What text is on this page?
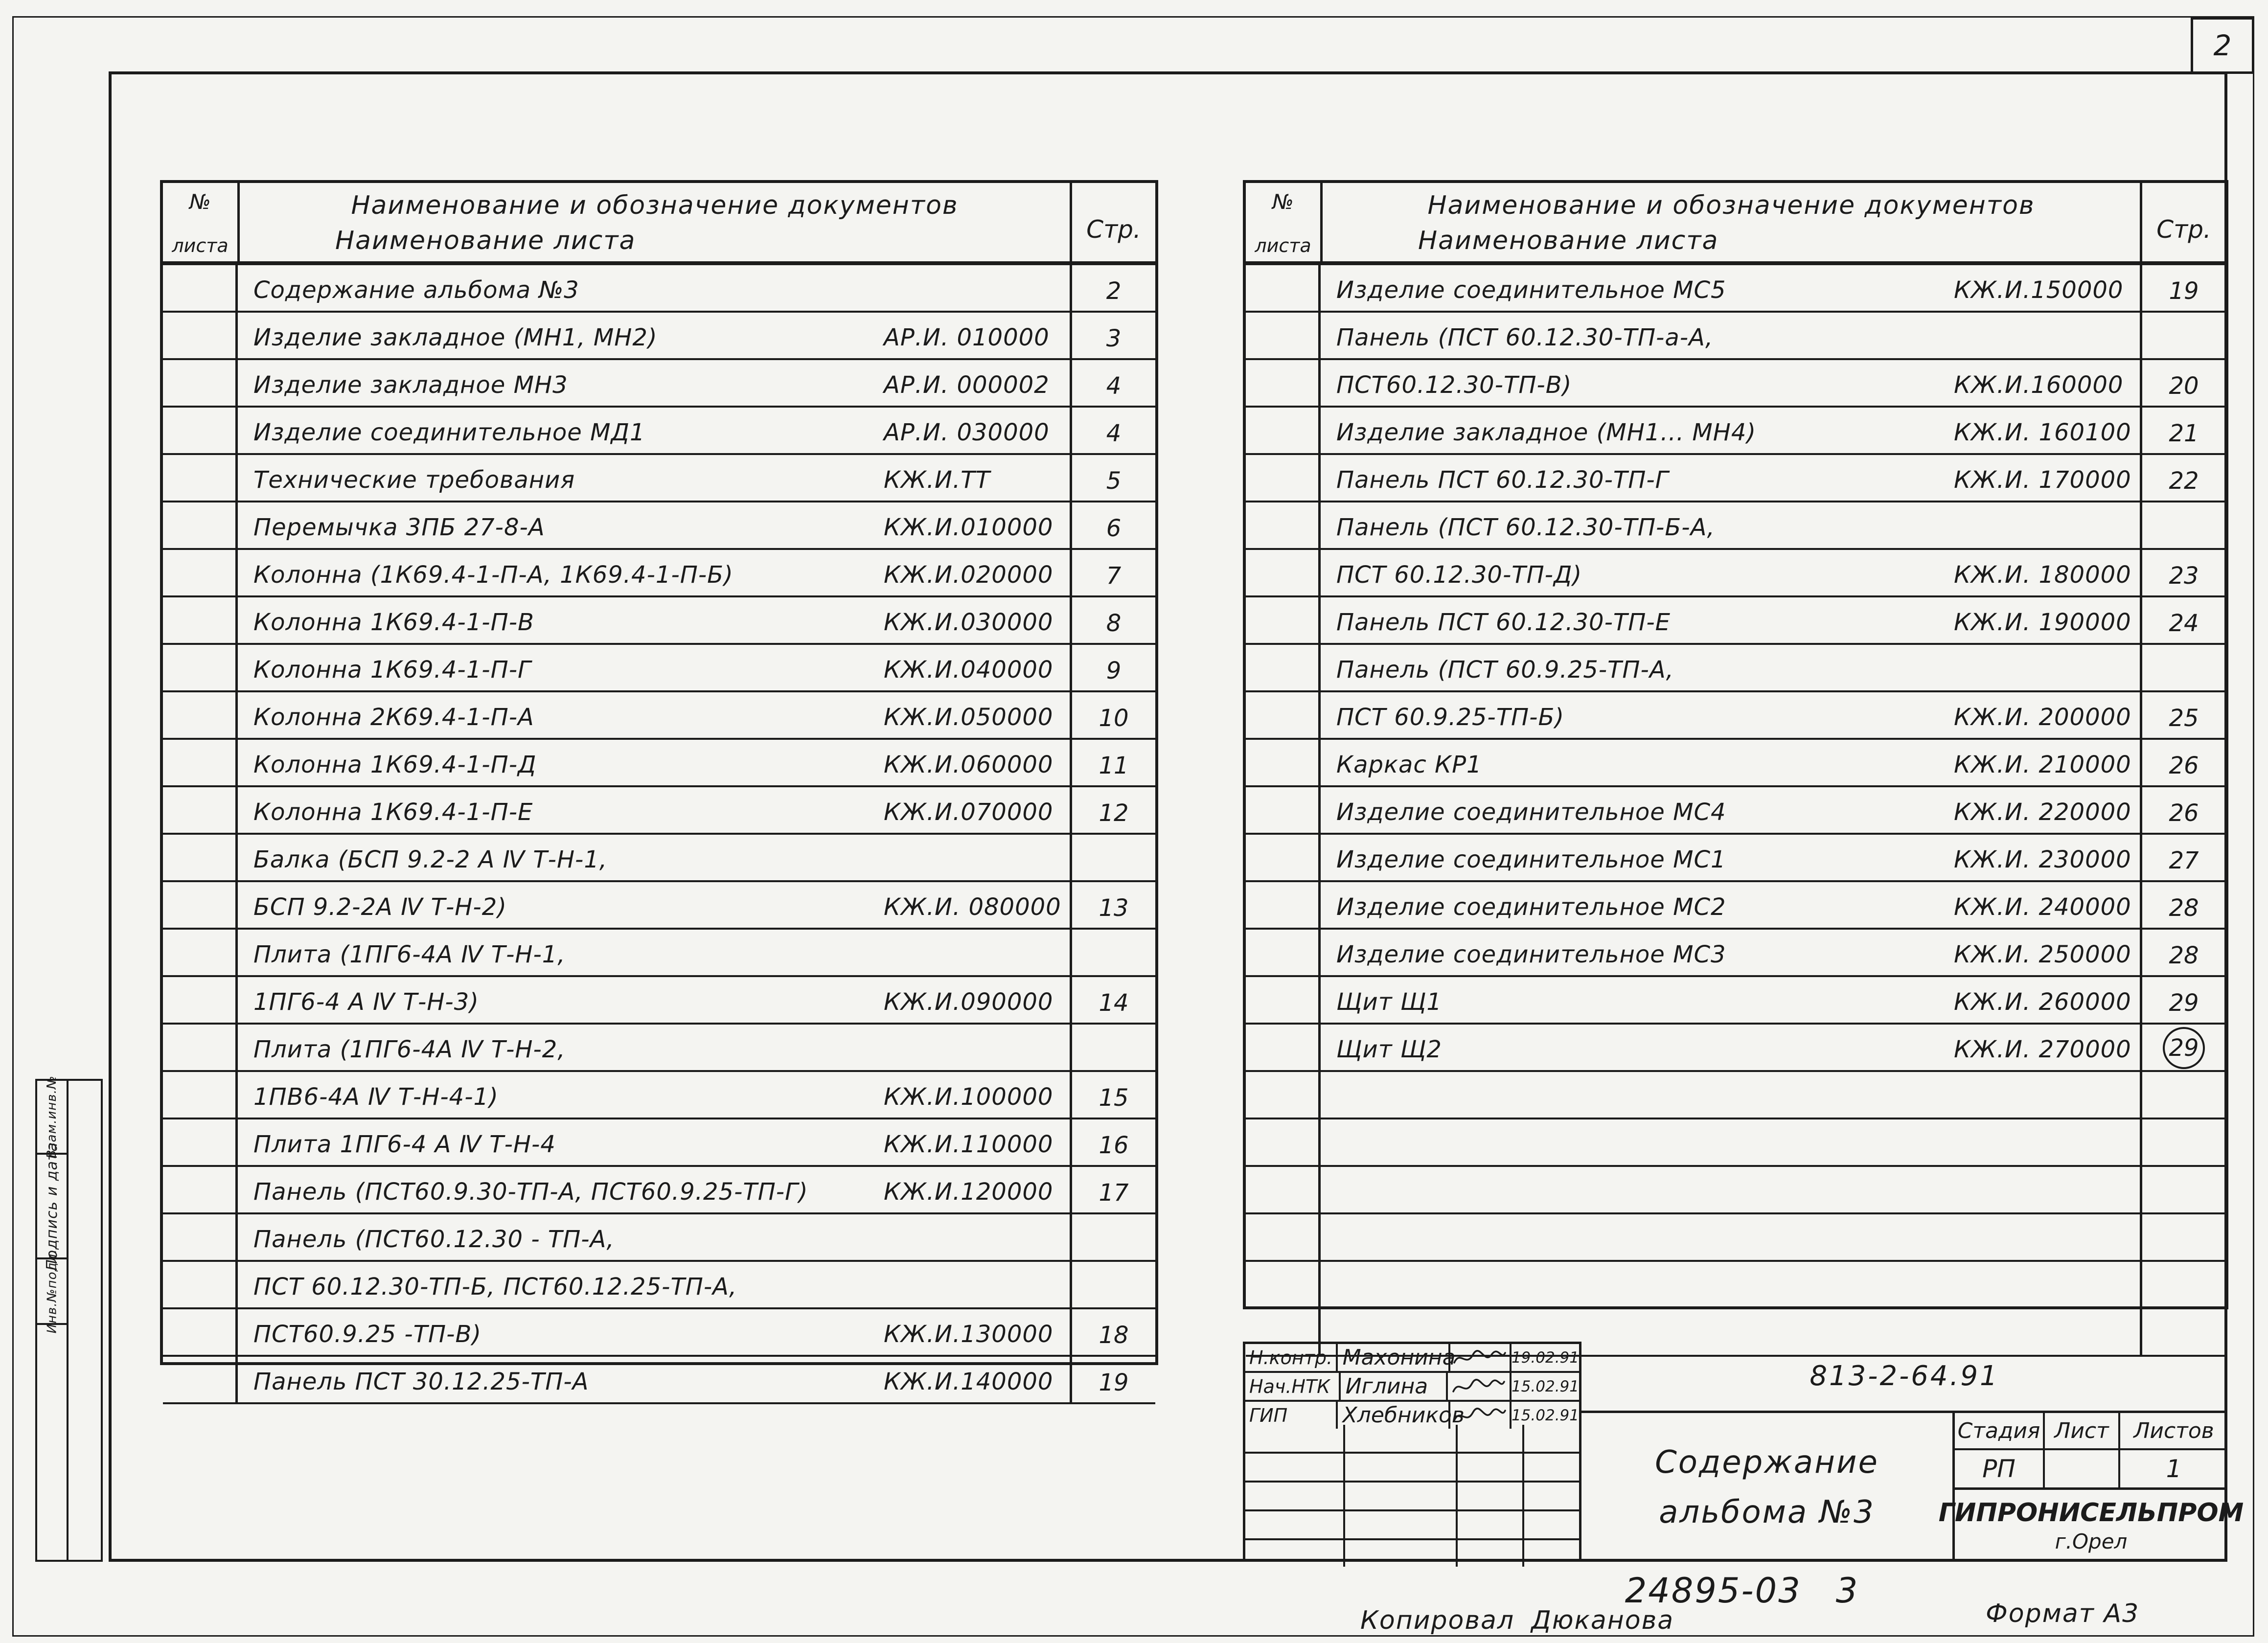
2
Взам.инв.№
Подпись и дата
Инв.№подл.
№
листа
Наименование и обозначение документов
Наименование листа	Стр.
Содержание альбома №3	2
Изделие закладное (МН1, МН2)	АР.И. 010000	3
Изделие закладное МН3	АР.И. 000002	4
Изделие соединительное МД1	АР.И. 030000	4
Технические требования	КЖ.И.ТТ	5
Перемычка 3ПБ 27-8-А	КЖ.И.010000 6
Колонна (1К69.4-1-П-А, 1К69.4-1-П-Б)	КЖ.И.020000 7
Колонна 1К69.4-1-П-В	КЖ.И.030000 8
Колонна 1К69.4-1-П-Г	КЖ.И.040000 9
Колонна 2К69.4-1-П-А	КЖ.И.050000 10
Колонна 1К69.4-1-П-Д	КЖ.И.060000 11
Колонна 1К69.4-1-П-Е	КЖ.И.070000 12
Балка (БСП 9.2-2 А Ⅳ Т-Н-1,
БСП 9.2-2А Ⅳ Т-Н-2)	КЖ.И. 080000 13
Плита (1ПГ6-4А Ⅳ Т-Н-1,
1ПГ6-4 А Ⅳ Т-Н-3)	КЖ.И.090000 14
Плита (1ПГ6-4А Ⅳ Т-Н-2,
1ПВ6-4А Ⅳ Т-Н-4-1)	КЖ.И.100000 15
Плита 1ПГ6-4 А Ⅳ Т-Н-4	КЖ.И.110000 16
Панель (ПСТ60.9.30-ТП-А, ПСТ60.9.25-ТП-Г)	КЖ.И.120000 17
Панель (ПСТ60.12.30 - ТП-А,
ПСТ 60.12.30-ТП-Б, ПСТ60.12.25-ТП-А,
ПСТ60.9.25 -ТП-В)	КЖ.И.130000 18
Панель ПСТ 30.12.25-ТП-А	КЖ.И.140000 19
№
листа
Наименование и обозначение документов
Наименование листа	Стр.
Изделие соединительное МС5	КЖ.И.150000 19
Панель (ПСТ 60.12.30-ТП-а-А,
ПСТ60.12.30-ТП-В)	КЖ.И.160000 20
Изделие закладное (МН1... МН4)	КЖ.И. 160100 21
Панель ПСТ 60.12.30-ТП-Г	КЖ.И. 170000 22
Панель (ПСТ 60.12.30-ТП-Б-А,
ПСТ 60.12.30-ТП-Д)	КЖ.И. 180000 23
Панель ПСТ 60.12.30-ТП-Е	КЖ.И. 190000 24
Панель (ПСТ 60.9.25-ТП-А,
ПСТ 60.9.25-ТП-Б)	КЖ.И. 200000 25
Каркас КР1	КЖ.И. 210000 26
Изделие соединительное МС4	КЖ.И. 220000 26
Изделие соединительное МС1	КЖ.И. 230000 27
Изделие соединительное МС2	КЖ.И. 240000 28
Изделие соединительное МС3	КЖ.И. 250000 28
Щит Щ1	КЖ.И. 260000 29
Щит Щ2	КЖ.И. 270000 29
Н.контр. Махонина	19.02.91
Нач.НТК Иглина	15.02.91
ГИП	Хлебников	15.02.91
813-2-64.91
Содержание
альбома №3
Стадия Лист	Листов
РП	1
ГИПРОНИСЕЛЬПРОМ
г.Орел
24895-03 3
Копировал Дюканова	Формат А3
